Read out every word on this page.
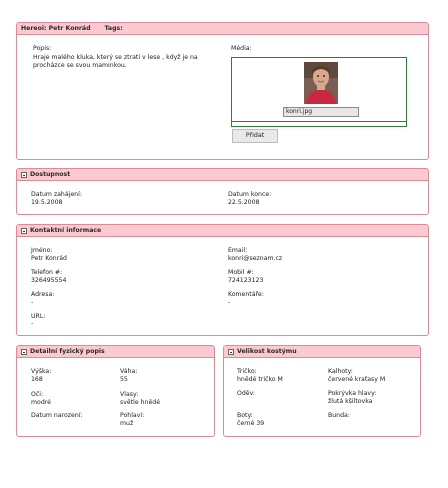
Hereoi: Petr Konrád Tags:
Popis:
Hraje malého kluka, který se ztratí v lese , když je na
procházce se svou maminkou.
Média:
konri.jpg
Přidat
Dostupnost
Datum zahájení:
19.5.2008
Datum konce:
22.5.2008
Kontaktní informace
Jméno:
Petr Konrád
Email:
konri@seznam.cz
Telefon #:
326495554
Mobil #:
724123123
Adresa:
-
Komentáře:
-
URL:
-
Detailní fyzický popis
Výška:
168
Váha:
55
Oči:
modré
Vlasy:
světle hnědé
Datum narození:	Pohlaví:
muž
Velikost kostýmu
Tričko:
hnědé tričko M
Kalhoty:
červené kraťasy M
Oděv:	Pokrývka hlavy:
žlutá kšiltovka
Boty:
černé 39
Bunda:
